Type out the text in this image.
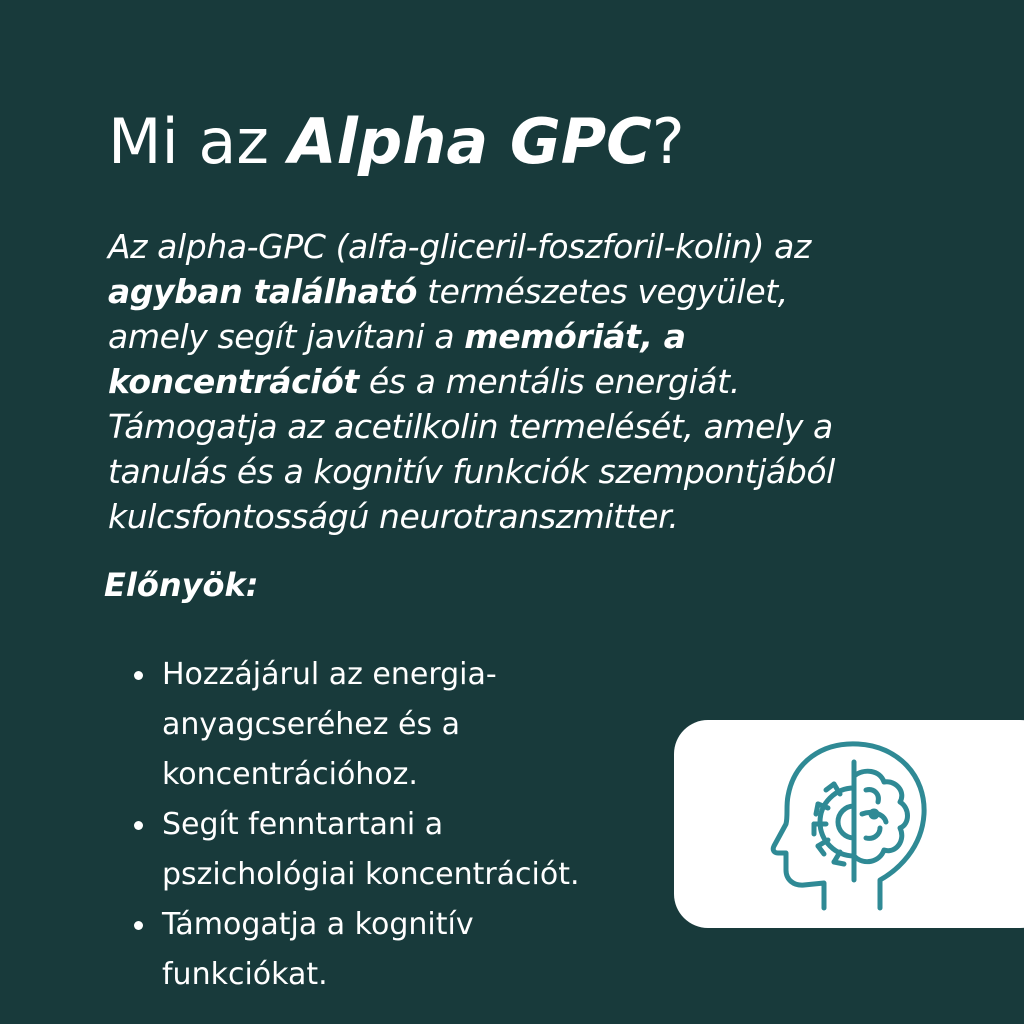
Mi az Alpha GPC?

Az alpha-GPC (alfa-gliceril-foszforil-kolin) az
agyban található természetes vegyület,
amely segít javítani a memóriát, a
koncentrációt és a mentális energiát.
Támogatja az acetilkolin termelését, amely a
tanulás és a kognitív funkciók szempontjából
kulcsfontosságú neurotranszmitter.

Előnyök:
Hozzájárul az energia-
anyagcseréhez és a
koncentrációhoz.
Segít fenntartani a
pszichológiai koncentrációt.
Támogatja a kognitív
funkciókat.
